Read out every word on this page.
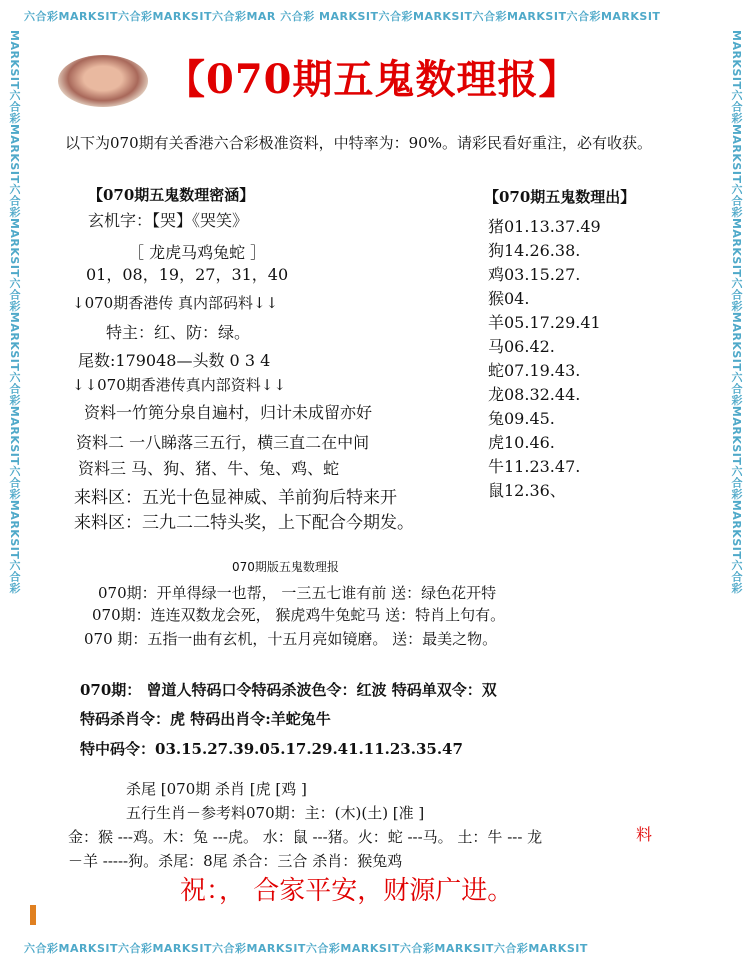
六合彩MARKSIT六合彩MARKSIT六合彩MAR 六合彩 MARKSIT六合彩MARKSIT六合彩MARKSIT六合彩MARKSIT
六合彩MARKSIT六合彩MARKSIT六合彩MARKSIT六合彩MARKSIT六合彩MARKSIT六合彩MARKSIT
MARKSIT六合彩MARKSIT六合彩MARKSIT六合彩MARKSIT六合彩MARKSIT六合彩MARKSIT六合彩	MARKSIT六合彩MARKSIT六合彩MARKSIT六合彩MARKSIT六合彩MARKSIT六合彩MARKSIT六合彩
【070期五鬼数理报】
以下为070期有关香港六合彩极准资料，中特率为：90%。请彩民看好重注，必有收获。
【070期五鬼数理密涵】
玄机字：【哭】《哭笑》
［ 龙虎马鸡兔蛇 ］
01，08，19，27，31，40
↓070期香港传 真内部码料↓↓
特主：红、防：绿。
尾数:179048—头数 0 3 4
↓↓070期香港传真内部资料↓↓
资料一竹篼分泉自遍村，归计未成留亦好
资料二 一八睇落三五行，横三直二在中间
资料三 马、狗、猪、牛、兔、鸡、蛇
来料区：五光十色显神威、羊前狗后特来开
来料区：三九二二特头奖，上下配合今期发。
【070期五鬼数理出】
猪01.13.37.49
狗14.26.38.
鸡03.15.27.
猴04.
羊05.17.29.41
马06.42.
蛇07.19.43.
龙08.32.44.
兔09.45.
虎10.46.
牛11.23.47.
鼠12.36、
070期版五鬼数理报
070期：开单得绿一也帮， 一三五七谁有前 送：绿色花开特
070期：连连双数龙会死， 猴虎鸡牛兔蛇马 送：特肖上句有。
070 期：五指一曲有玄机，十五月亮如镜磨。 送：最美之物。
070期： 曾道人特码口令特码杀波色令：红波 特码单双令：双
特码杀肖令：虎 特码出肖令:羊蛇兔牛
特中码令：03.15.27.39.05.17.29.41.11.23.35.47
杀尾 [070期 杀肖 [虎 [鸡 ]
五行生肖－参考料070期：主：(木)(土) [准 ]
金：猴 ---鸡。木：兔 ---虎。 水：鼠 ---猪。火：蛇 ---马。 土：牛 --- 龙
－羊 -----狗。杀尾：8尾 杀合：三合 杀肖：猴兔鸡
料
祝：， 合家平安，财源广进。
